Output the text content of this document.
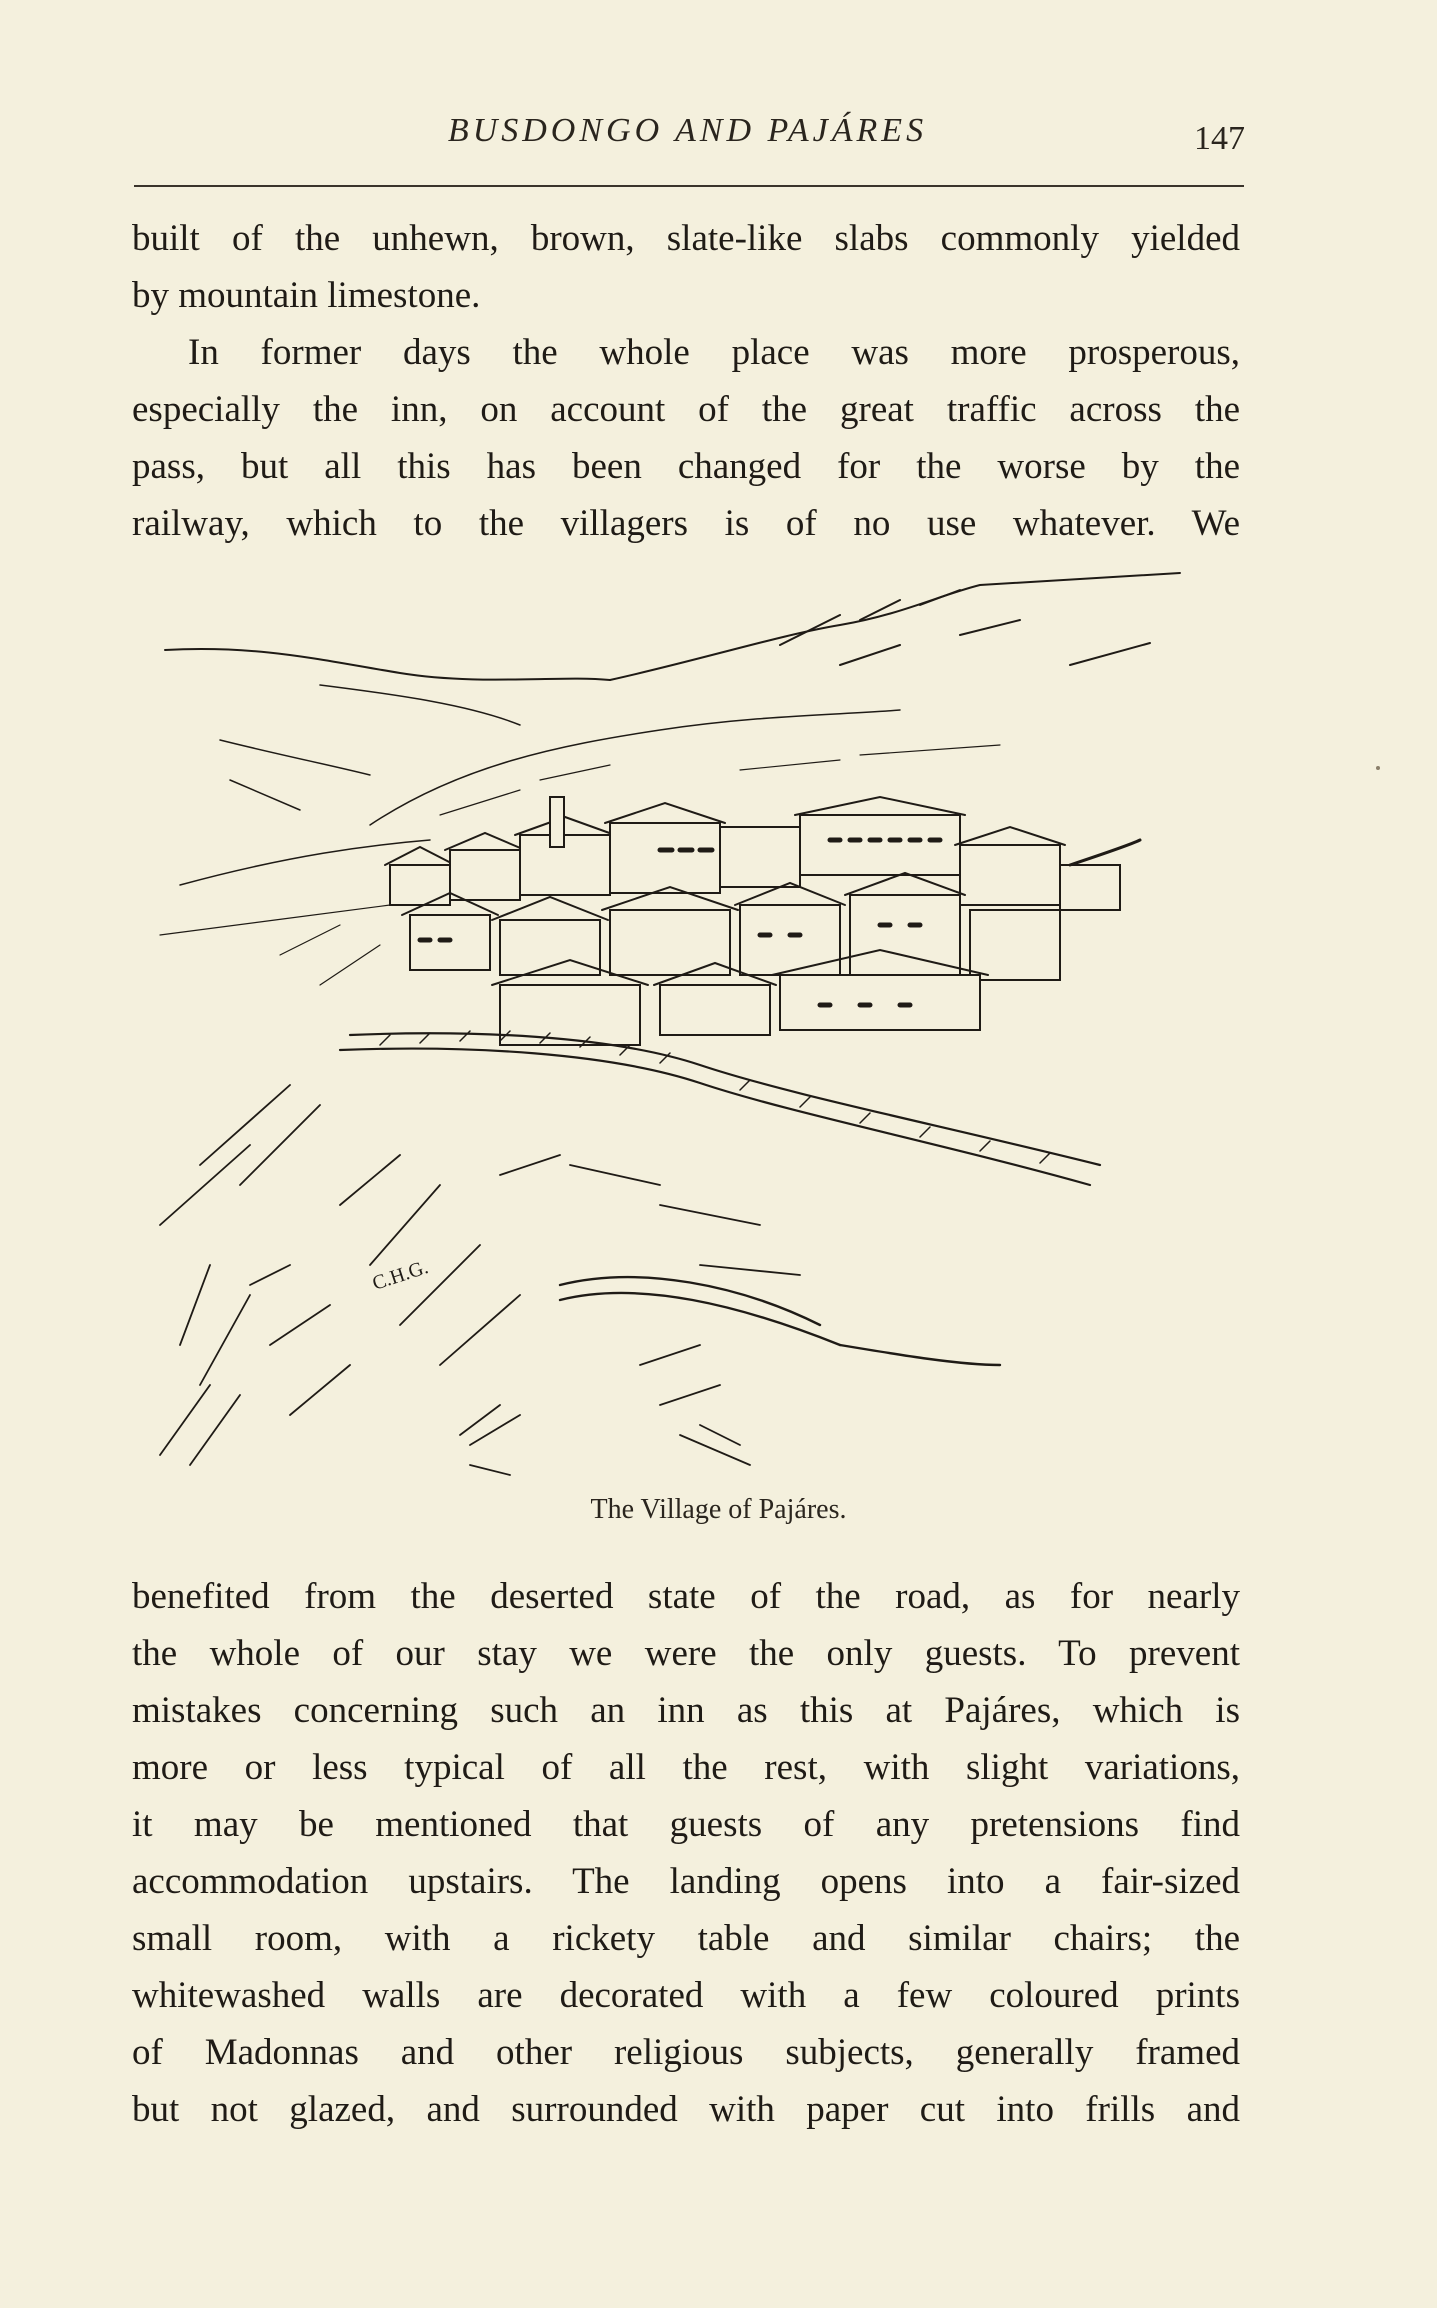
BUSDONGO AND PAJÁRES	147

built of the unhewn, brown, slate-like slabs commonly yielded
by mountain limestone.

In former days the whole place was more prosperous,
especially the inn, on account of the great traffic across the
pass, but all this has been changed for the worse by the
railway, which to the villagers is of no use whatever. We

C.H.G.
The Village of Pajáres.

benefited from the deserted state of the road, as for nearly
the whole of our stay we were the only guests. To prevent
mistakes concerning such an inn as this at Pajáres, which is
more or less typical of all the rest, with slight variations,
it may be mentioned that guests of any pretensions find
accommodation upstairs. The landing opens into a fair-sized
small room, with a rickety table and similar chairs; the
whitewashed walls are decorated with a few coloured prints
of Madonnas and other religious subjects, generally framed
but not glazed, and surrounded with paper cut into frills and
